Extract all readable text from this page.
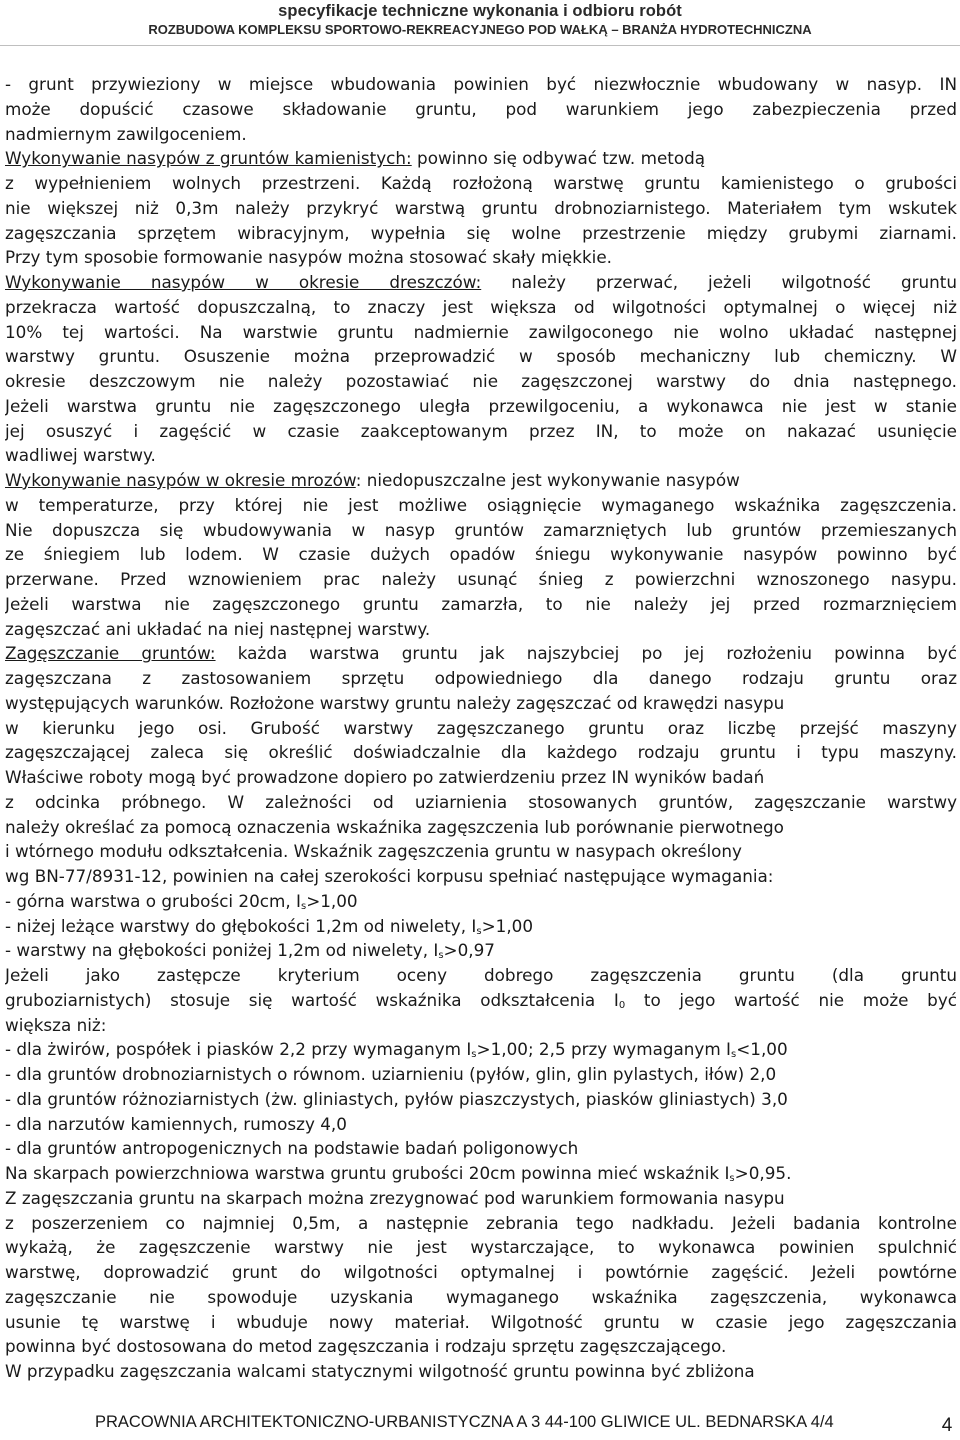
specyfikacje techniczne wykonania i odbioru robót
ROZBUDOWA KOMPLEKSU SPORTOWO-REKREACYJNEGO POD WAŁKĄ – BRANŻA HYDROTECHNICZNA
- grunt przywieziony w miejsce wbudowania powinien być niezwłocznie wbudowany w nasyp. IN
może dopuścić czasowe składowanie gruntu, pod warunkiem jego zabezpieczenia przed
nadmiernym zawilgoceniem.
Wykonywanie nasypów z gruntów kamienistych: powinno się odbywać tzw. metodą
z wypełnieniem wolnych przestrzeni. Każdą rozłożoną warstwę gruntu kamienistego o grubości
nie większej niż 0,3m należy przykryć warstwą gruntu drobnoziarnistego. Materiałem tym wskutek
zagęszczania sprzętem wibracyjnym, wypełnia się wolne przestrzenie między grubymi ziarnami.
Przy tym sposobie formowanie nasypów można stosować skały miękkie.
Wykonywanie nasypów w okresie dreszczów: należy przerwać, jeżeli wilgotność gruntu
przekracza wartość dopuszczalną, to znaczy jest większa od wilgotności optymalnej o więcej niż
10% tej wartości. Na warstwie gruntu nadmiernie zawilgoconego nie wolno układać następnej
warstwy gruntu. Osuszenie można przeprowadzić w sposób mechaniczny lub chemiczny. W
okresie deszczowym nie należy pozostawiać nie zagęszczonej warstwy do dnia następnego.
Jeżeli warstwa gruntu nie zagęszczonego uległa przewilgoceniu, a wykonawca nie jest w stanie
jej osuszyć i zagęścić w czasie zaakceptowanym przez IN, to może on nakazać usunięcie
wadliwej warstwy.
Wykonywanie nasypów w okresie mrozów: niedopuszczalne jest wykonywanie nasypów
w temperaturze, przy której nie jest możliwe osiągnięcie wymaganego wskaźnika zagęszczenia.
Nie dopuszcza się wbudowywania w nasyp gruntów zamarzniętych lub gruntów przemieszanych
ze śniegiem lub lodem. W czasie dużych opadów śniegu wykonywanie nasypów powinno być
przerwane. Przed wznowieniem prac należy usunąć śnieg z powierzchni wznoszonego nasypu.
Jeżeli warstwa nie zagęszczonego gruntu zamarzła, to nie należy jej przed rozmarznięciem
zagęszczać ani układać na niej następnej warstwy.
Zagęszczanie gruntów: każda warstwa gruntu jak najszybciej po jej rozłożeniu powinna być
zagęszczana z zastosowaniem sprzętu odpowiedniego dla danego rodzaju gruntu oraz
występujących warunków. Rozłożone warstwy gruntu należy zagęszczać od krawędzi nasypu
w kierunku jego osi. Grubość warstwy zagęszczanego gruntu oraz liczbę przejść maszyny
zagęszczającej zaleca się określić doświadczalnie dla każdego rodzaju gruntu i typu maszyny.
Właściwe roboty mogą być prowadzone dopiero po zatwierdzeniu przez IN wyników badań
z odcinka próbnego. W zależności od uziarnienia stosowanych gruntów, zagęszczanie warstwy
należy określać za pomocą oznaczenia wskaźnika zagęszczenia lub porównanie pierwotnego
i wtórnego modułu odkształcenia. Wskaźnik zagęszczenia gruntu w nasypach określony
wg BN-77/8931-12, powinien na całej szerokości korpusu spełniać następujące wymagania:
- górna warstwa o grubości 20cm, $I_s>1,00$
- niżej leżące warstwy do głębokości 1,2m od niwelety, $I_s>1,00$
- warstwy na głębokości poniżej 1,2m od niwelety, $I_s>0,97$
Jeżeli jako zastępcze kryterium oceny dobrego zagęszczenia gruntu (dla gruntu
gruboziarnistych) stosuje się wartość wskaźnika odkształcenia $I_0$ to jego wartość nie może być
większa niż:
- dla żwirów, pospółek i piasków 2,2 przy wymaganym $I_s>1,00$; 2,5 przy wymaganym $I_s<1,00$
- dla gruntów drobnoziarnistych o równom. uziarnieniu (pyłów, glin, glin pylastych, iłów) 2,0
- dla gruntów różnoziarnistych (żw. gliniastych, pyłów piaszczystych, piasków gliniastych) 3,0
- dla narzutów kamiennych, rumoszy 4,0
- dla gruntów antropogenicznych na podstawie badań poligonowych
Na skarpach powierzchniowa warstwa gruntu grubości 20cm powinna mieć wskaźnik $I_s>0,95$.
Z zagęszczania gruntu na skarpach można zrezygnować pod warunkiem formowania nasypu
z poszerzeniem co najmniej 0,5m, a następnie zebrania tego nadkładu. Jeżeli badania kontrolne
wykażą, że zagęszczenie warstwy nie jest wystarczające, to wykonawca powinien spulchnić
warstwę, doprowadzić grunt do wilgotności optymalnej i powtórnie zagęścić. Jeżeli powtórne
zagęszczanie nie spowoduje uzyskania wymaganego wskaźnika zagęszczenia, wykonawca
usunie tę warstwę i wbuduje nowy materiał. Wilgotność gruntu w czasie jego zagęszczania
powinna być dostosowana do metod zagęszczania i rodzaju sprzętu zagęszczającego.
W przypadku zagęszczania walcami statycznymi wilgotność gruntu powinna być zbliżona
PRACOWNIA ARCHITEKTONICZNO-URBANISTYCZNA A 3 44-100 GLIWICE UL. BEDNARSKA 4/4	4
